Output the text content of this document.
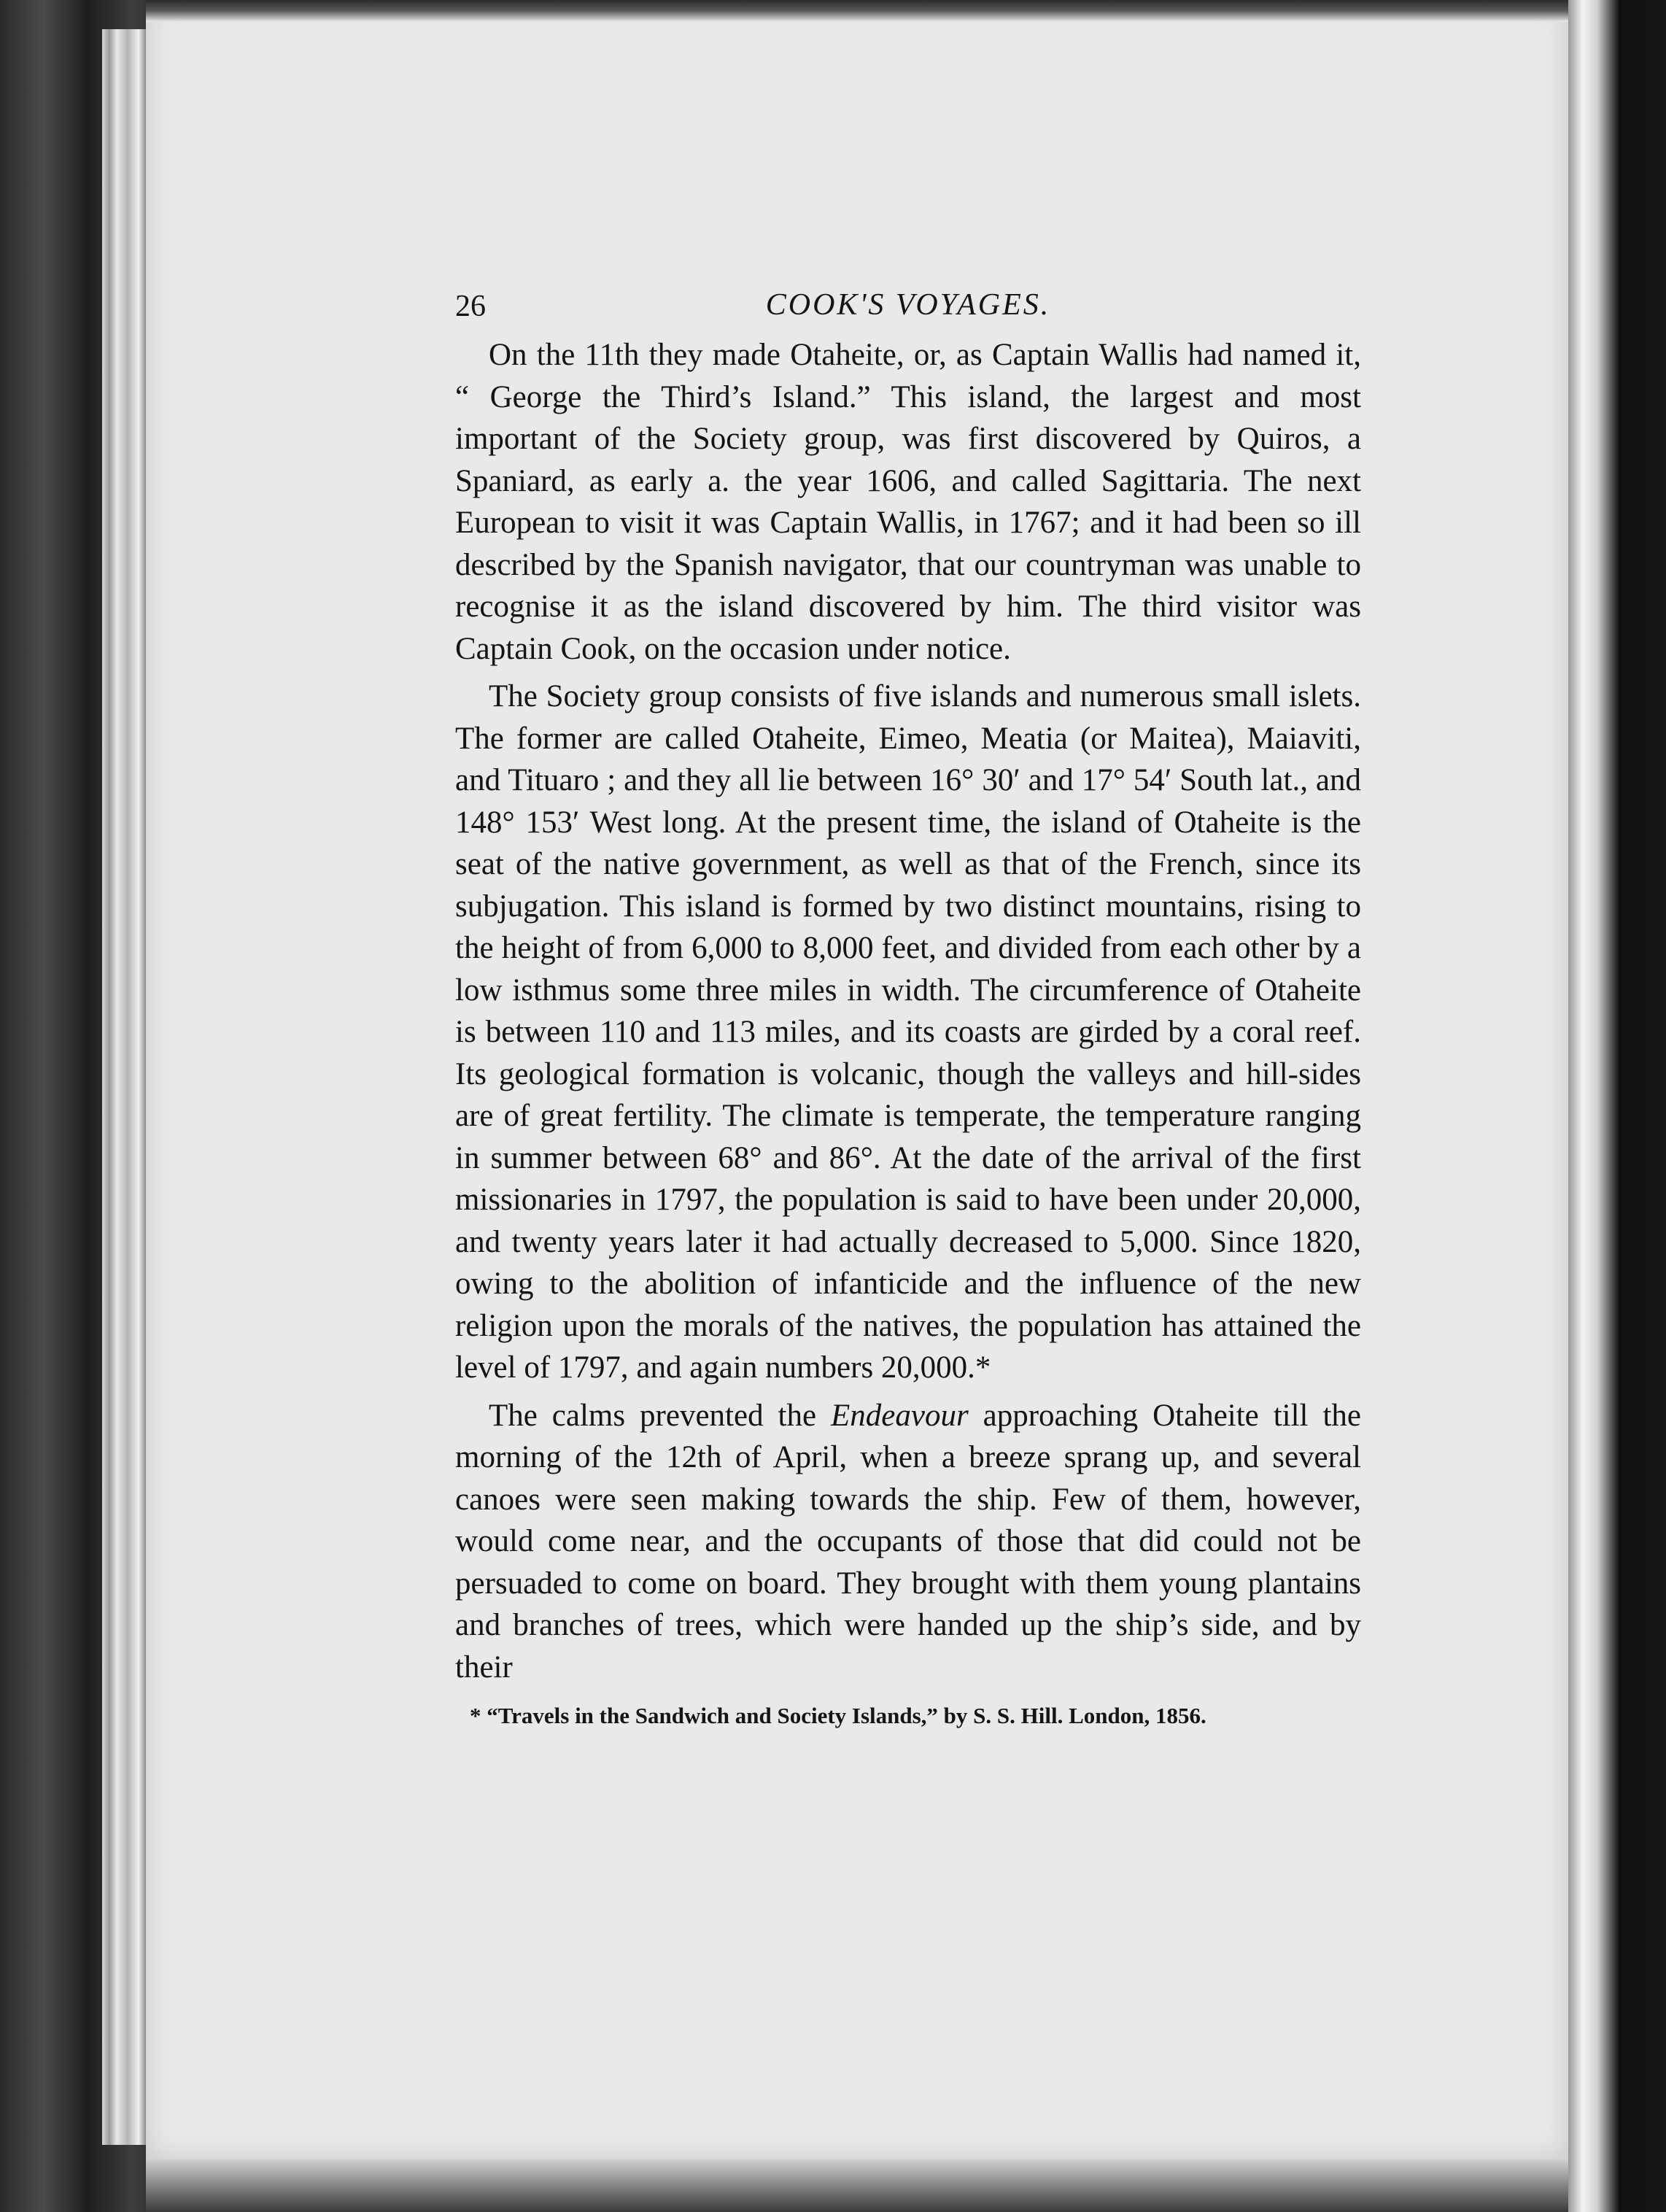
26	COOK'S VOYAGES.

On the 11th they made Otaheite, or, as Captain Wallis had named it, “ George the Third’s Island.” This island, the largest and most important of the Society group, was first discovered by Quiros, a Spaniard, as early a. the year 1606, and called Sagittaria. The next European to visit it was Captain Wallis, in 1767; and it had been so ill described by the Spanish navigator, that our countryman was unable to recognise it as the island discovered by him. The third visitor was Captain Cook, on the occasion under notice.

The Society group consists of five islands and numerous small islets. The former are called Otaheite, Eimeo, Meatia (or Maitea), Maiaviti, and Tituaro ; and they all lie between 16° 30′ and 17° 54′ South lat., and 148° 153′ West long. At the present time, the island of Otaheite is the seat of the native government, as well as that of the French, since its subjugation. This island is formed by two distinct mountains, rising to the height of from 6,000 to 8,000 feet, and divided from each other by a low isthmus some three miles in width. The circumference of Otaheite is between 110 and 113 miles, and its coasts are girded by a coral reef. Its geological formation is volcanic, though the valleys and hill-sides are of great fertility. The climate is temperate, the temperature ranging in summer between 68° and 86°. At the date of the arrival of the first missionaries in 1797, the population is said to have been under 20,000, and twenty years later it had actually decreased to 5,000. Since 1820, owing to the abolition of infanticide and the influence of the new religion upon the morals of the natives, the population has attained the level of 1797, and again numbers 20,000.*

The calms prevented the Endeavour approaching Otaheite till the morning of the 12th of April, when a breeze sprang up, and several canoes were seen making towards the ship. Few of them, however, would come near, and the occupants of those that did could not be persuaded to come on board. They brought with them young plantains and branches of trees, which were handed up the ship’s side, and by their

* “Travels in the Sandwich and Society Islands,” by S. S. Hill. London, 1856.
